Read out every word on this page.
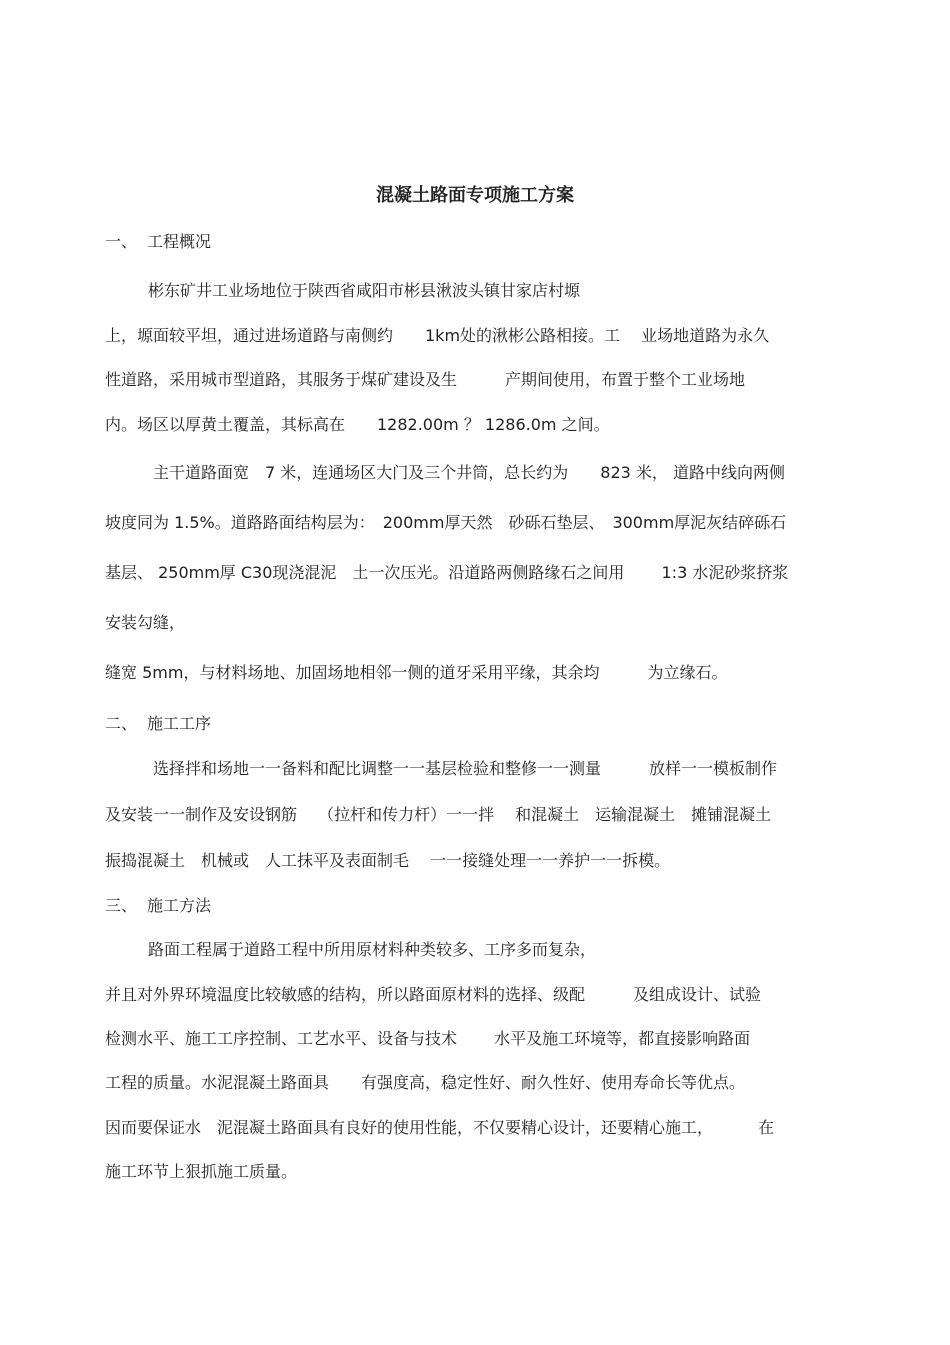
混凝土路面专项施工方案
一、 工程概况

彬东矿井工业场地位于陕西省咸阳市彬县湫波头镇甘家店村塬

上，塬面较平坦，通过进场道路与南侧约　　1km处的湫彬公路相接。工　 业场地道路为永久

性道路，采用城市型道路，其服务于煤矿建设及生　　　产期间使用，布置于整个工业场地

内。场区以厚黄土覆盖，其标高在　　1282.00m ？ 1286.0m 之间。

主干道路面宽　7 米，连通场区大门及三个井筒，总长约为　　823 米， 道路中线向两侧

坡度同为 1.5%。道路路面结构层为：　200mm厚天然　砂砾石垫层、　300mm厚泥灰结碎砾石

基层、 250mm厚 C30现浇混泥　土一次压光。沿道路两侧路缘石之间用　　 1:3 水泥砂浆挤浆

安装勾缝，

缝宽 5mm，与材料场地、加固场地相邻一侧的道牙采用平缘，其余均　　　为立缘石。

二、 施工工序

选择拌和场地一一备料和配比调整一一基层检验和整修一一测量　　　放样一一模板制作

及安装一一制作及安设钢筋　 （拉杆和传力杆）一一拌　 和混凝土　运输混凝土　摊铺混凝土

振捣混凝土　机械或　人工抹平及表面制毛　 一一接缝处理一一养护一一拆模。

三、 施工方法

路面工程属于道路工程中所用原材料种类较多、工序多而复杂，

并且对外界环境温度比较敏感的结构，所以路面原材料的选择、级配　　　及组成设计、试验

检测水平、施工工序控制、工艺水平、设备与技术　　 水平及施工环境等，都直接影响路面

工程的质量。水泥混凝土路面具　　有强度高，稳定性好、耐久性好、使用寿命长等优点。

因而要保证水　泥混凝土路面具有良好的使用性能，不仅要精心设计，还要精心施工，　　　 在

施工环节上狠抓施工质量。
